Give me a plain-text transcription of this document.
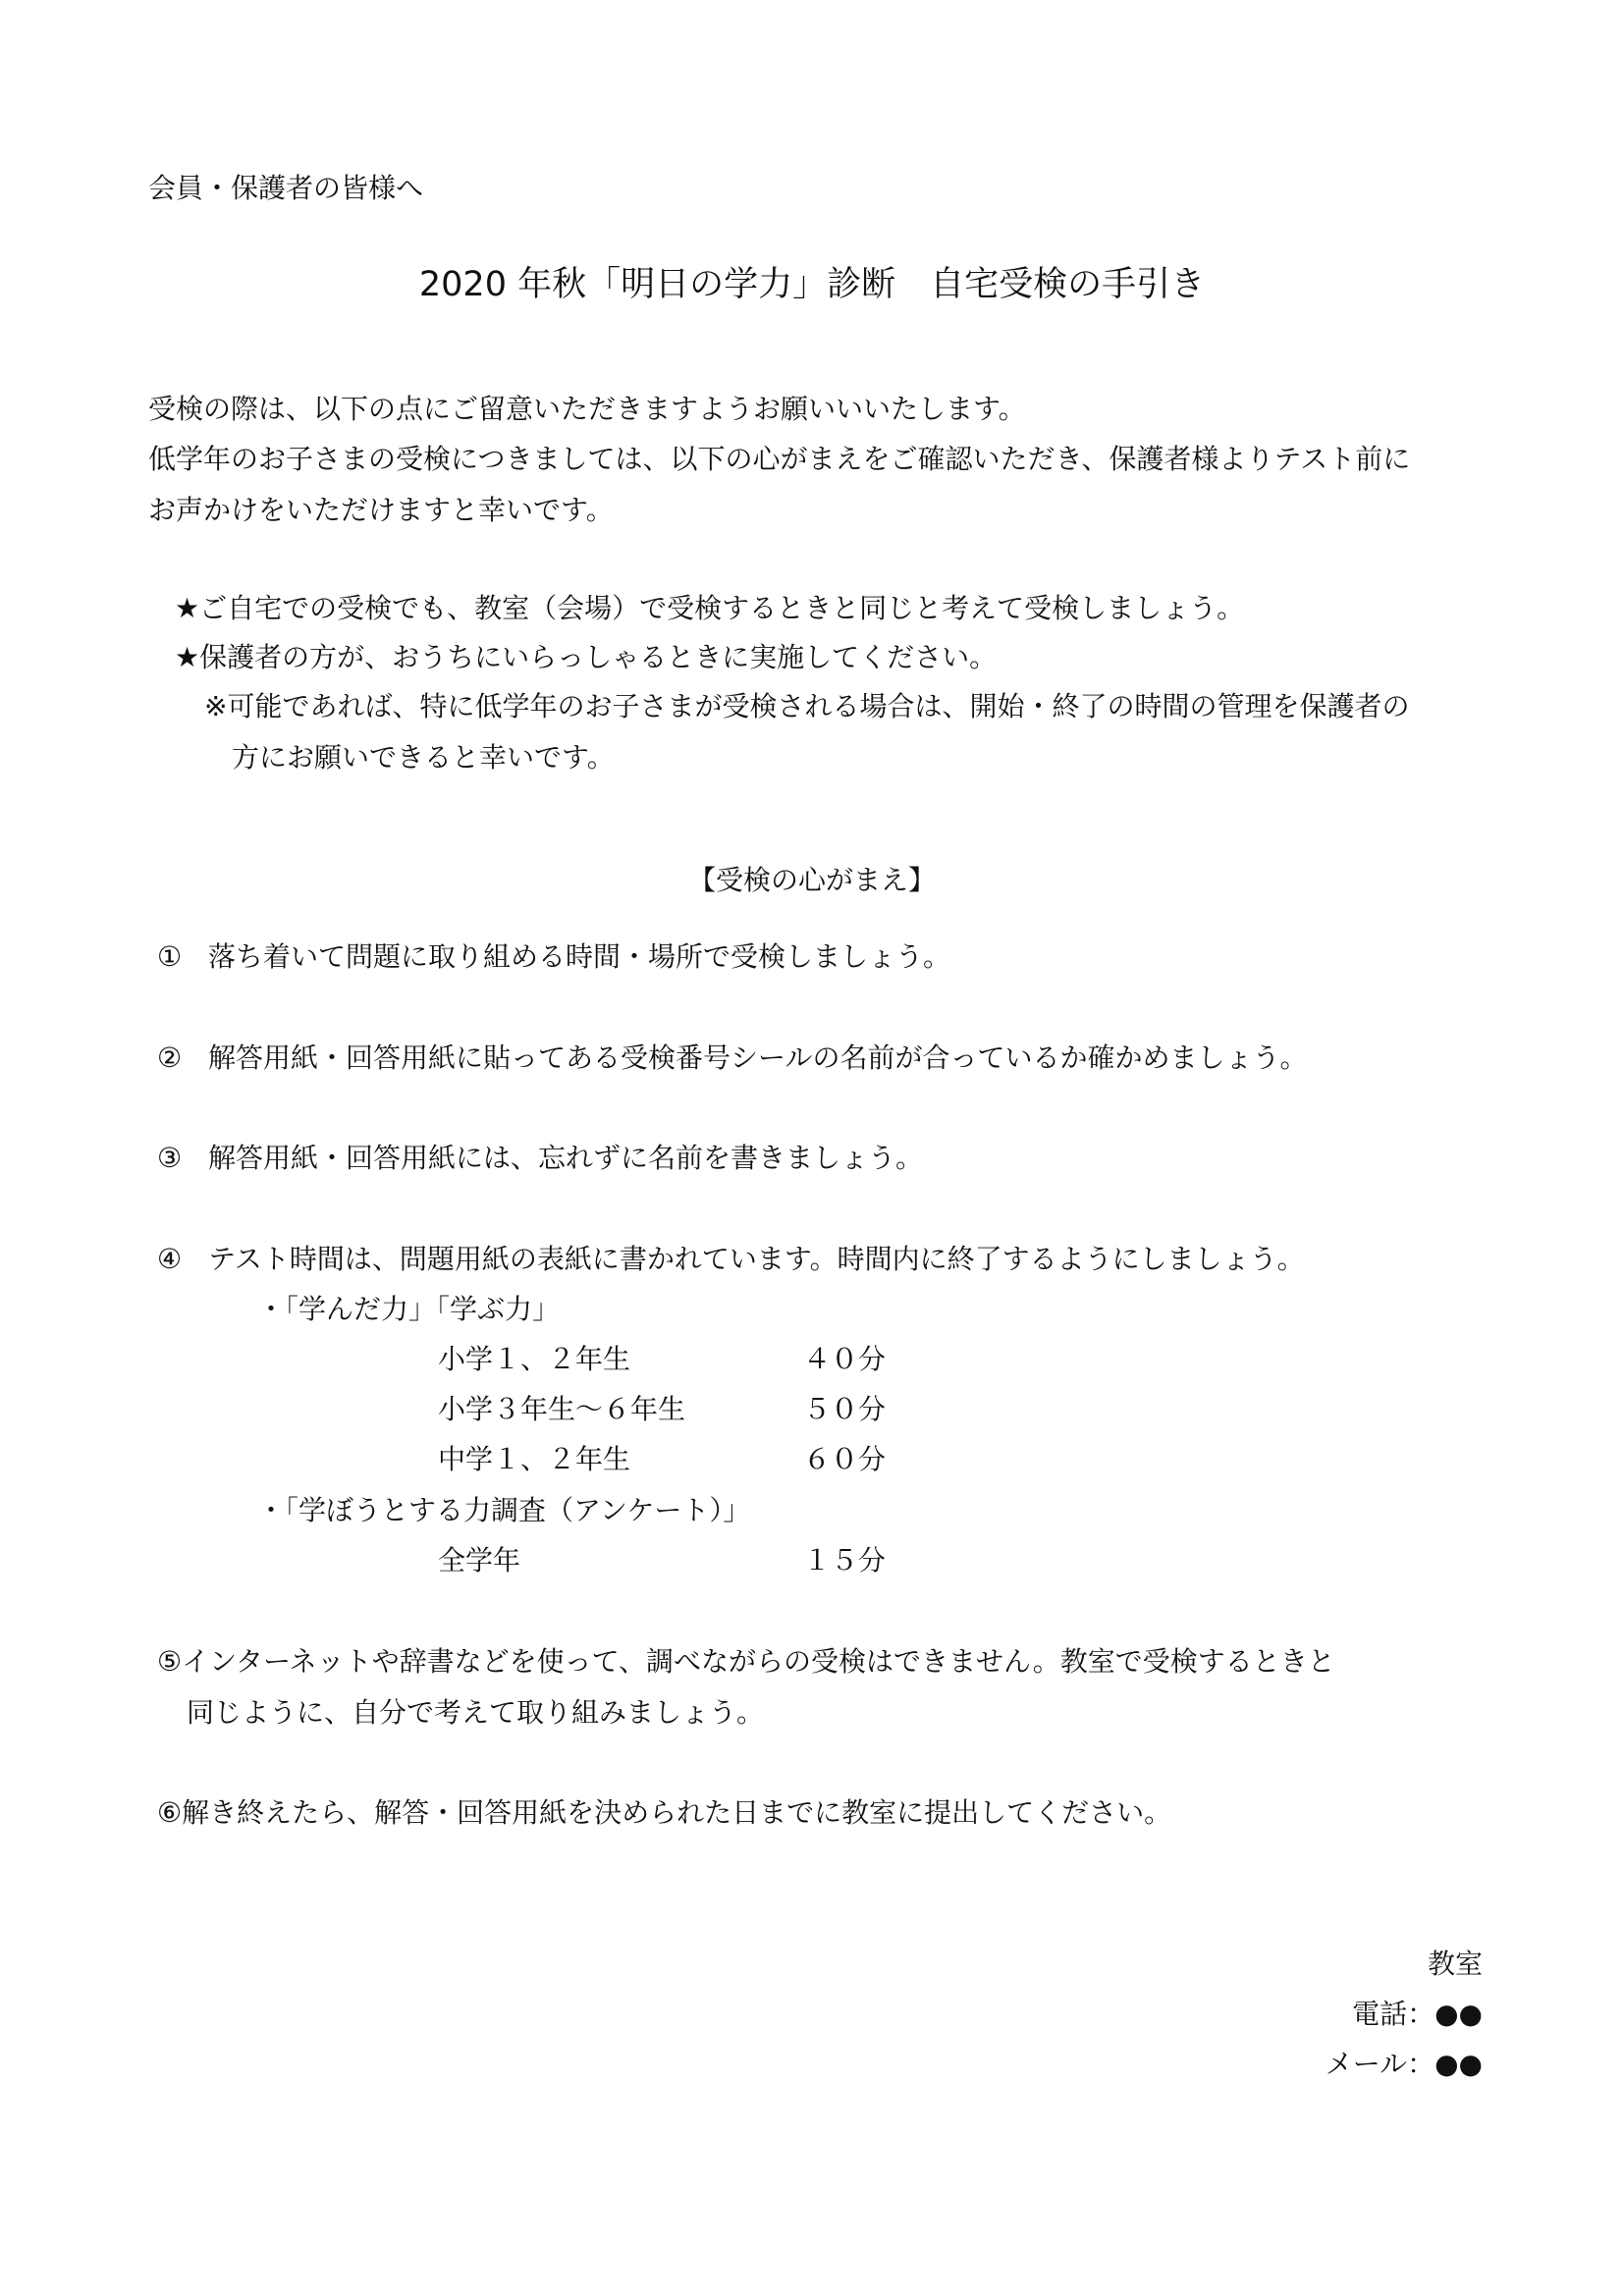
会員・保護者の皆様へ
2020 年秋「明日の学力」診断　自宅受検の手引き
受検の際は、以下の点にご留意いただきますようお願いいいたします。
低学年のお子さまの受検につきましては、以下の心がまえをご確認いただき、保護者様よりテスト前に
お声かけをいただけますと幸いです。
★ご自宅での受検でも、教室（会場）で受検するときと同じと考えて受検しましょう。
★保護者の方が、おうちにいらっしゃるときに実施してください。
※可能であれば、特に低学年のお子さまが受検される場合は、開始・終了の時間の管理を保護者の
方にお願いできると幸いです。
【受検の心がまえ】
① 落ち着いて問題に取り組める時間・場所で受検しましょう。
② 解答用紙・回答用紙に貼ってある受検番号シールの名前が合っているか確かめましょう。
③ 解答用紙・回答用紙には、忘れずに名前を書きましょう。
④ テスト時間は、問題用紙の表紙に書かれています。時間内に終了するようにしましょう。
・「学んだ力」「学ぶ力」
小学１、２年生	４０分
小学３年生～６年生	５０分
中学１、２年生	６０分
・「学ぼうとする力調査（アンケート）」
全学年	１５分
⑤インターネットや辞書などを使って、調べながらの受検はできません。教室で受検するときと
同じように、自分で考えて取り組みましょう。
⑥解き終えたら、解答・回答用紙を決められた日までに教室に提出してください。
教室
電話：●●
メール：●●
